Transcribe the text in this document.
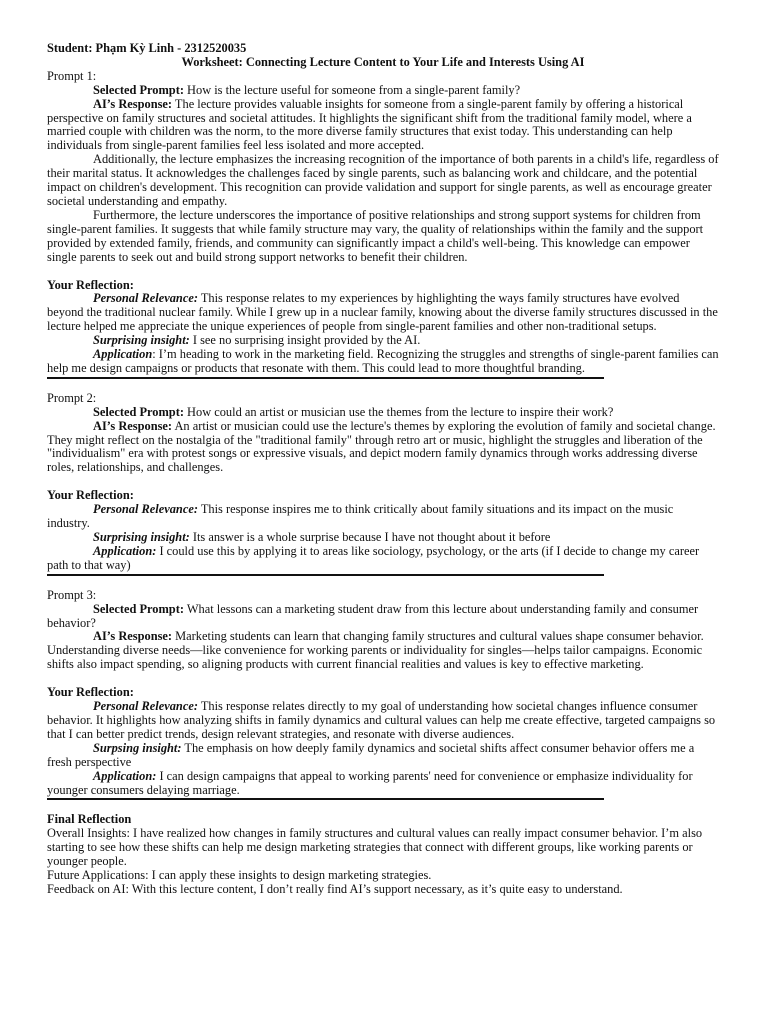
Student: Phạm Kỳ Linh - 2312520035

Worksheet: Connecting Lecture Content to Your Life and Interests Using AI

Prompt 1:

Selected Prompt: How is the lecture useful for someone from a single-parent family?

AI’s Response: The lecture provides valuable insights for someone from a single-parent family by offering a historical perspective on family structures and societal attitudes. It highlights the significant shift from the traditional family model, where a married couple with children was the norm, to the more diverse family structures that exist today. This understanding can help individuals from single-parent families feel less isolated and more accepted.

Additionally, the lecture emphasizes the increasing recognition of the importance of both parents in a child's life, regardless of their marital status. It acknowledges the challenges faced by single parents, such as balancing work and childcare, and the potential impact on children's development. This recognition can provide validation and support for single parents, as well as encourage greater societal understanding and empathy.

Furthermore, the lecture underscores the importance of positive relationships and strong support systems for children from single-parent families. It suggests that while family structure may vary, the quality of relationships within the family and the support provided by extended family, friends, and community can significantly impact a child's well-being. This knowledge can empower single parents to seek out and build strong support networks to benefit their children.

Your Reflection:

Personal Relevance: This response relates to my experiences by highlighting the ways family structures have evolved beyond the traditional nuclear family. While I grew up in a nuclear family, knowing about the diverse family structures discussed in the lecture helped me appreciate the unique experiences of people from single-parent families and other non-traditional setups.

Surprising insight: I see no surprising insight provided by the AI.

Application: I’m heading to work in the marketing field. Recognizing the struggles and strengths of single-parent families can help me design campaigns or products that resonate with them. This could lead to more thoughtful branding.

Prompt 2:

Selected Prompt: How could an artist or musician use the themes from the lecture to inspire their work?

AI’s Response: An artist or musician could use the lecture's themes by exploring the evolution of family and societal change. They might reflect on the nostalgia of the "traditional family" through retro art or music, highlight the struggles and liberation of the "individualism" era with protest songs or expressive visuals, and depict modern family dynamics through works addressing diverse roles, relationships, and challenges.

Your Reflection:

Personal Relevance: This response inspires me to think critically about family situations and its impact on the music industry.

Surprising insight: Its answer is a whole surprise because I have not thought about it before

Application: I could use this by applying it to areas like sociology, psychology, or the arts (if I decide to change my career path to that way)

Prompt 3:

Selected Prompt: What lessons can a marketing student draw from this lecture about understanding family and consumer behavior?

AI’s Response: Marketing students can learn that changing family structures and cultural values shape consumer behavior. Understanding diverse needs—like convenience for working parents or individuality for singles—helps tailor campaigns. Economic shifts also impact spending, so aligning products with current financial realities and values is key to effective marketing.

Your Reflection:

Personal Relevance: This response relates directly to my goal of understanding how societal changes influence consumer behavior. It highlights how analyzing shifts in family dynamics and cultural values can help me create effective, targeted campaigns so that I can better predict trends, design relevant strategies, and resonate with diverse audiences.

Surpsing insight: The emphasis on how deeply family dynamics and societal shifts affect consumer behavior offers me a fresh perspective

Application: I can design campaigns that appeal to working parents' need for convenience or emphasize individuality for younger consumers delaying marriage.

Final Reflection

Overall Insights: I have realized how changes in family structures and cultural values can really impact consumer behavior. I’m also starting to see how these shifts can help me design marketing strategies that connect with different groups, like working parents or younger people.

Future Applications: I can apply these insights to design marketing strategies.

Feedback on AI: With this lecture content, I don’t really find AI’s support necessary, as it’s quite easy to understand.
